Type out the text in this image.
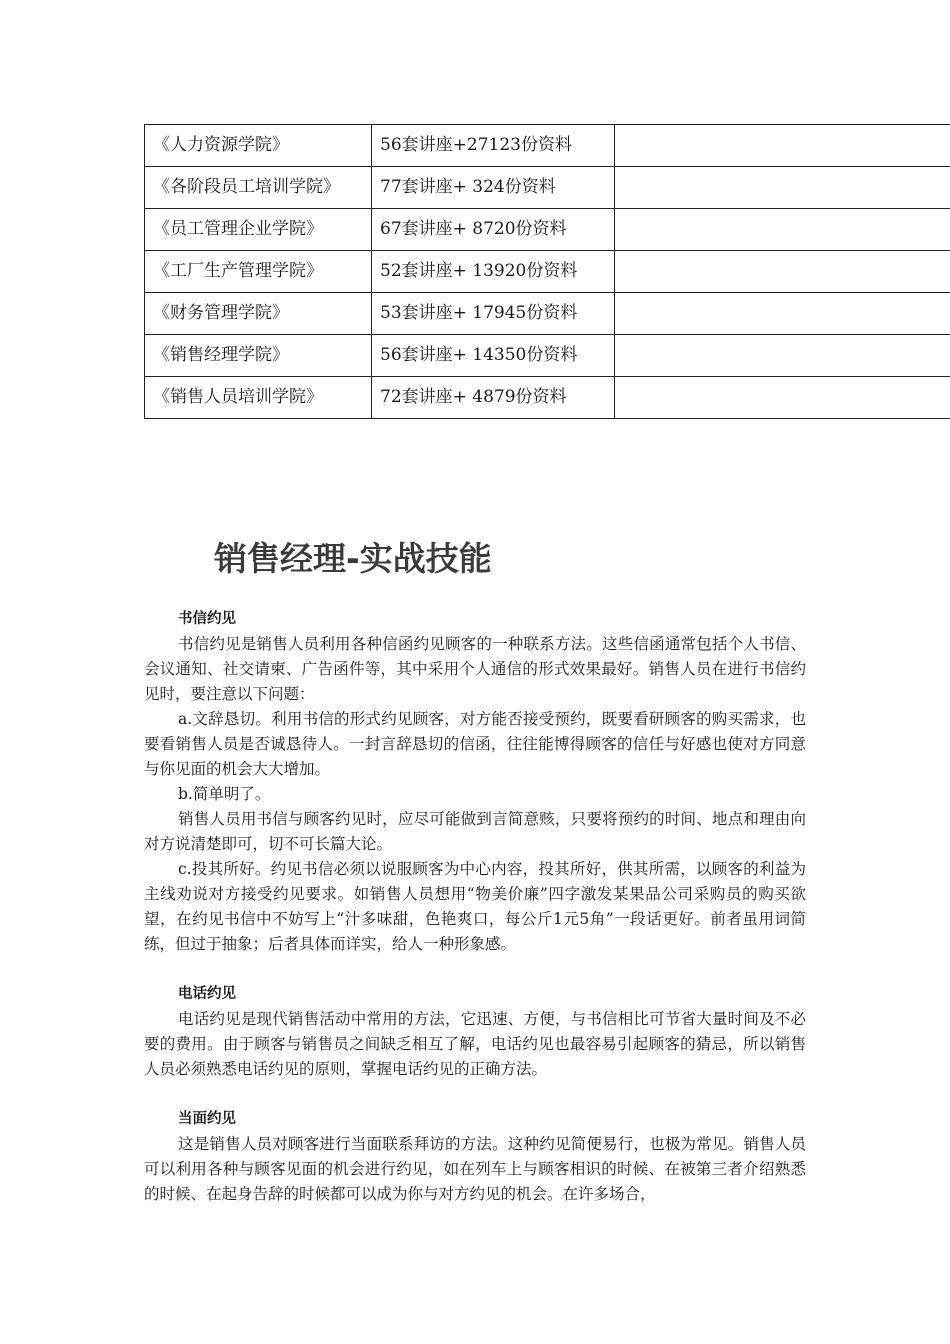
《人力资源学院》	56套讲座+27123份资料	
《各阶段员工培训学院》	77套讲座+ 324份资料	
《员工管理企业学院》	67套讲座+ 8720份资料	
《工厂生产管理学院》	52套讲座+ 13920份资料	
《财务管理学院》	53套讲座+ 17945份资料	
《销售经理学院》	56套讲座+ 14350份资料	
《销售人员培训学院》	72套讲座+ 4879份资料	
销售经理-实战技能
书信约见

书信约见是销售人员利用各种信函约见顾客的一种联系方法。这些信函通常包括个人书信、会议通知、社交请柬、广告函件等，其中采用个人通信的形式效果最好。销售人员在进行书信约见时，要注意以下问题：

a.文辞恳切。利用书信的形式约见顾客，对方能否接受预约，既要看研顾客的购买需求，也要看销售人员是否诚恳待人。一封言辞恳切的信函，往往能博得顾客的信任与好感也使对方同意与你见面的机会大大增加。

b.简单明了。

销售人员用书信与顾客约见时，应尽可能做到言简意赅，只要将预约的时间、地点和理由向对方说清楚即可，切不可长篇大论。

c.投其所好。约见书信必须以说服顾客为中心内容，投其所好，供其所需，以顾客的利益为主线劝说对方接受约见要求。如销售人员想用“物美价廉”四字激发某果品公司采购员的购买欲望，在约见书信中不妨写上“汁多味甜，色艳爽口，每公斤1元5角”一段话更好。前者虽用词简练，但过于抽象；后者具体而详实，给人一种形象感。

电话约见

电话约见是现代销售活动中常用的方法，它迅速、方便，与书信相比可节省大量时间及不必要的费用。由于顾客与销售员之间缺乏相互了解，电话约见也最容易引起顾客的猜忌，所以销售人员必须熟悉电话约见的原则，掌握电话约见的正确方法。

当面约见

这是销售人员对顾客进行当面联系拜访的方法。这种约见简便易行，也极为常见。销售人员可以利用各种与顾客见面的机会进行约见，如在列车上与顾客相识的时候、在被第三者介绍熟悉的时候、在起身告辞的时候都可以成为你与对方约见的机会。在许多场合，
